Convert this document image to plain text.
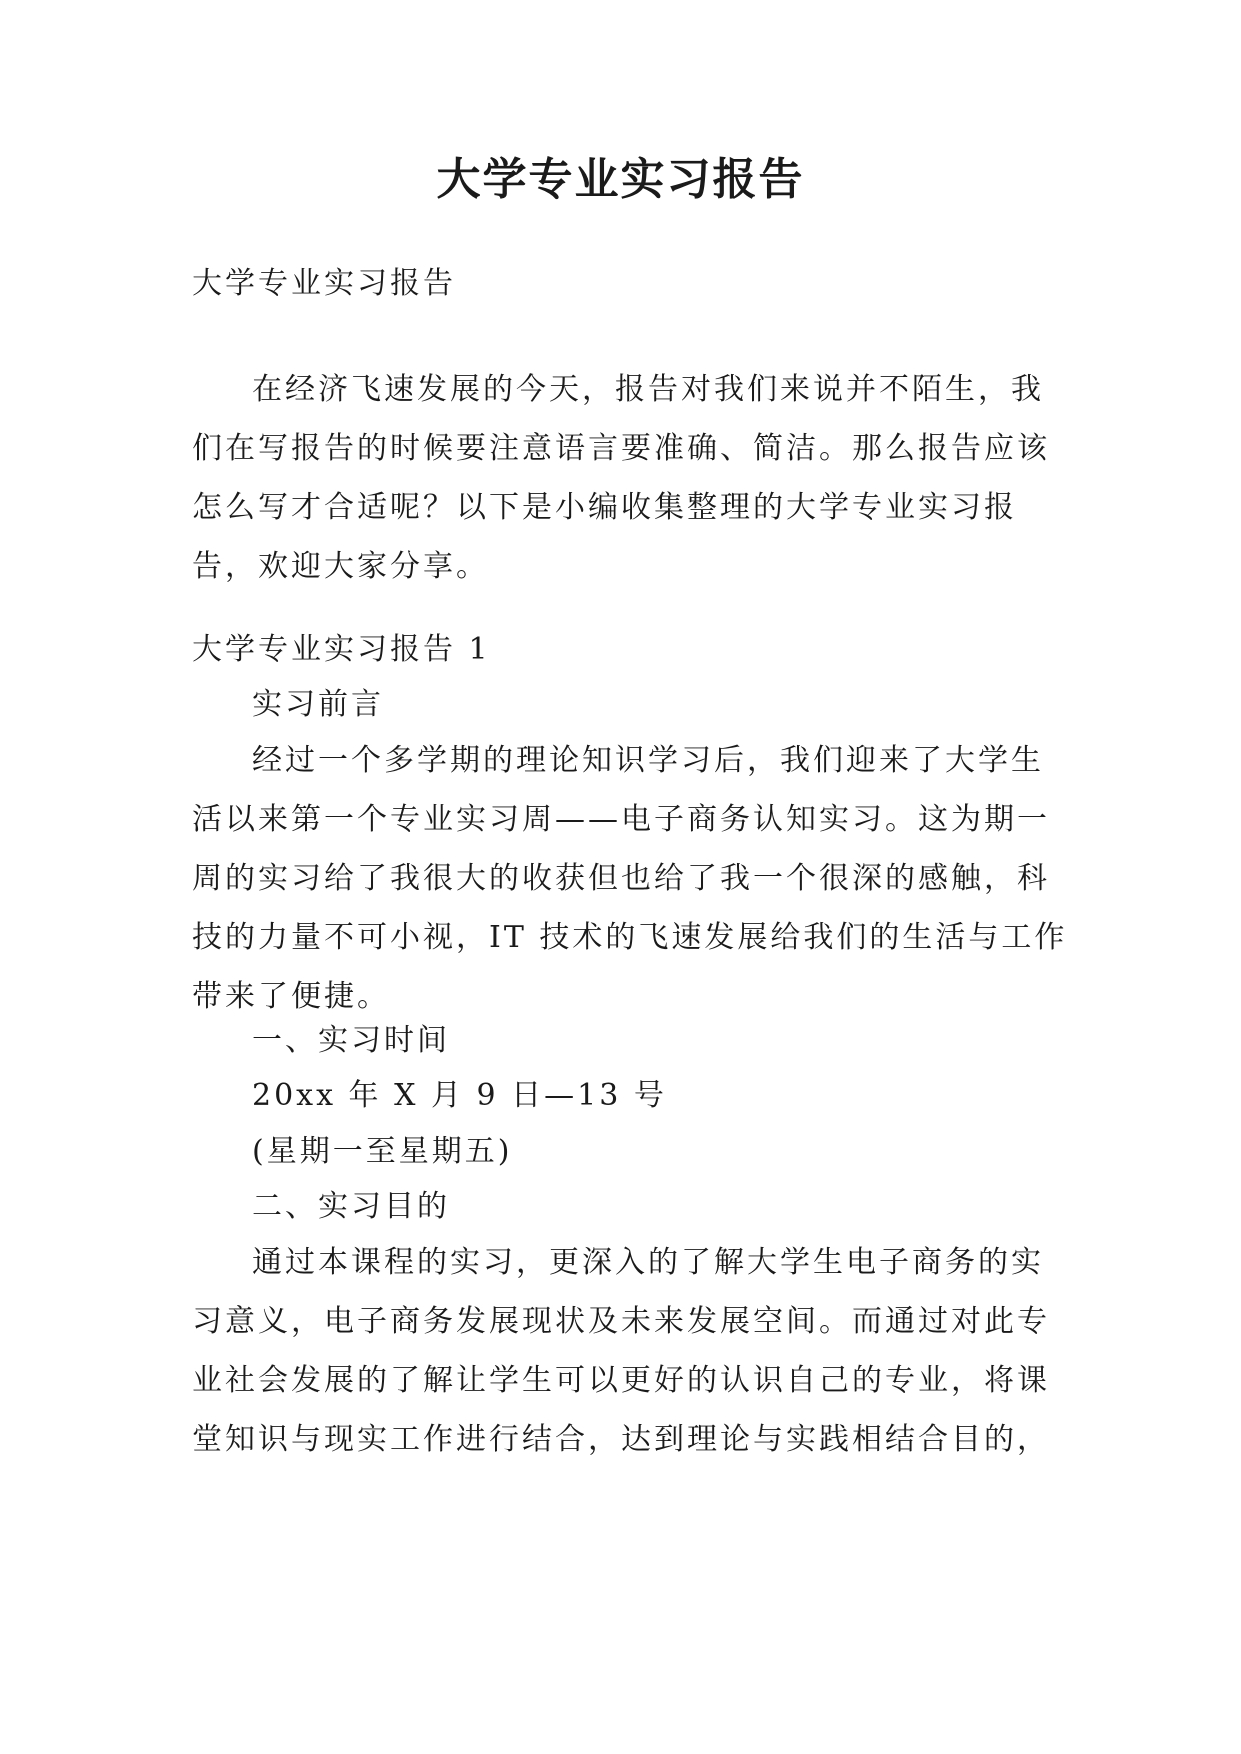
大学专业实习报告

大学专业实习报告

在经济飞速发展的今天，报告对我们来说并不陌生，我
们在写报告的时候要注意语言要准确、简洁。那么报告应该
怎么写才合适呢？以下是小编收集整理的大学专业实习报
告，欢迎大家分享。

大学专业实习报告 1

实习前言

经过一个多学期的理论知识学习后，我们迎来了大学生
活以来第一个专业实习周——电子商务认知实习。这为期一
周的实习给了我很大的收获但也给了我一个很深的感触，科
技的力量不可小视，IT 技术的飞速发展给我们的生活与工作
带来了便捷。

一、实习时间

20xx 年 X 月 9 日—13 号

(星期一至星期五)

二、实习目的

通过本课程的实习，更深入的了解大学生电子商务的实
习意义，电子商务发展现状及未来发展空间。而通过对此专
业社会发展的了解让学生可以更好的认识自己的专业，将课
堂知识与现实工作进行结合，达到理论与实践相结合目的，
